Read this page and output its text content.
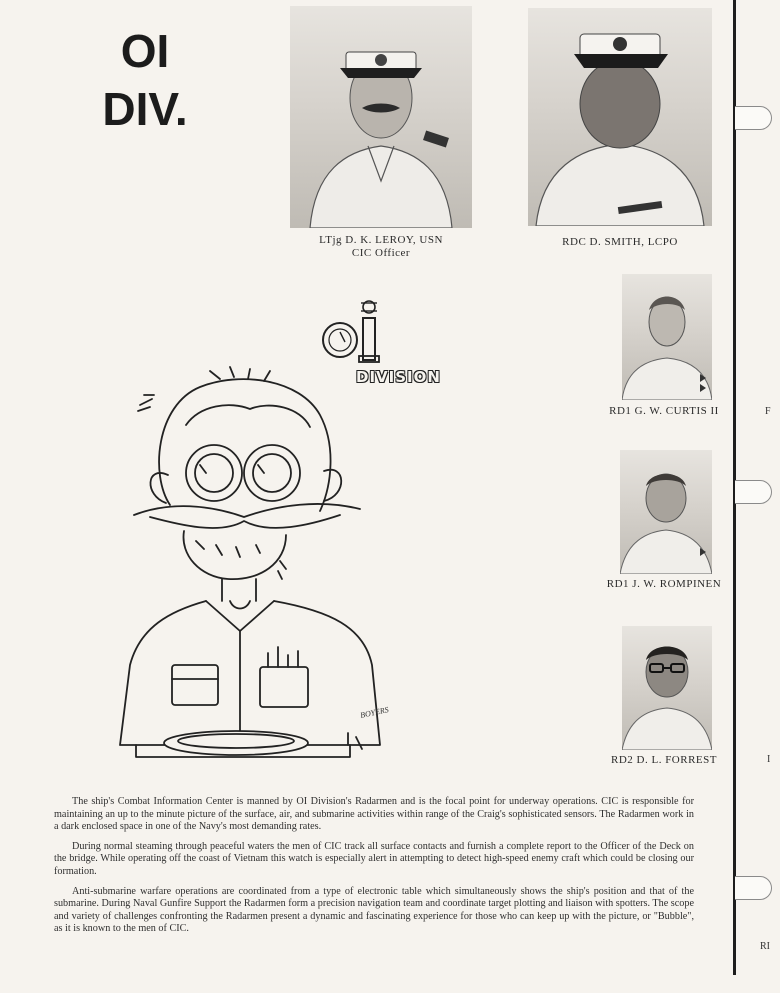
OI
DIV.
LTjg D. K. LEROY, USN
CIC Officer
RDC D. SMITH, LCPO
RD1 G. W. CURTIS II
RD1 J. W. ROMPINEN
RD2 D. L. FORREST
DIVISION
BOYERS

The ship's Combat Information Center is manned by OI Division's Radarmen and is the focal point for underway operations. CIC is responsible for maintaining an up to the minute picture of the surface, air, and submarine activities within range of the Craig's sophisticated sensors. The Radarmen work in a dark enclosed space in one of the Navy's most demanding rates.

During normal steaming through peaceful waters the men of CIC track all surface contacts and furnish a complete report to the Officer of the Deck on the bridge. While operating off the coast of Vietnam this watch is especially alert in attempting to detect high-speed enemy craft which could be closing our formation.

Anti-submarine warfare operations are coordinated from a type of electronic table which simultaneously shows the ship's position and that of the submarine. During Naval Gunfire Support the Radarmen form a precision navigation team and coordinate target plotting and liaison with spotters. The scope and variety of challenges confronting the Radarmen present a dynamic and fascinating experience for those who can keep up with the picture, or "Bubble", as it is known to the men of CIC.

F
I
RI
